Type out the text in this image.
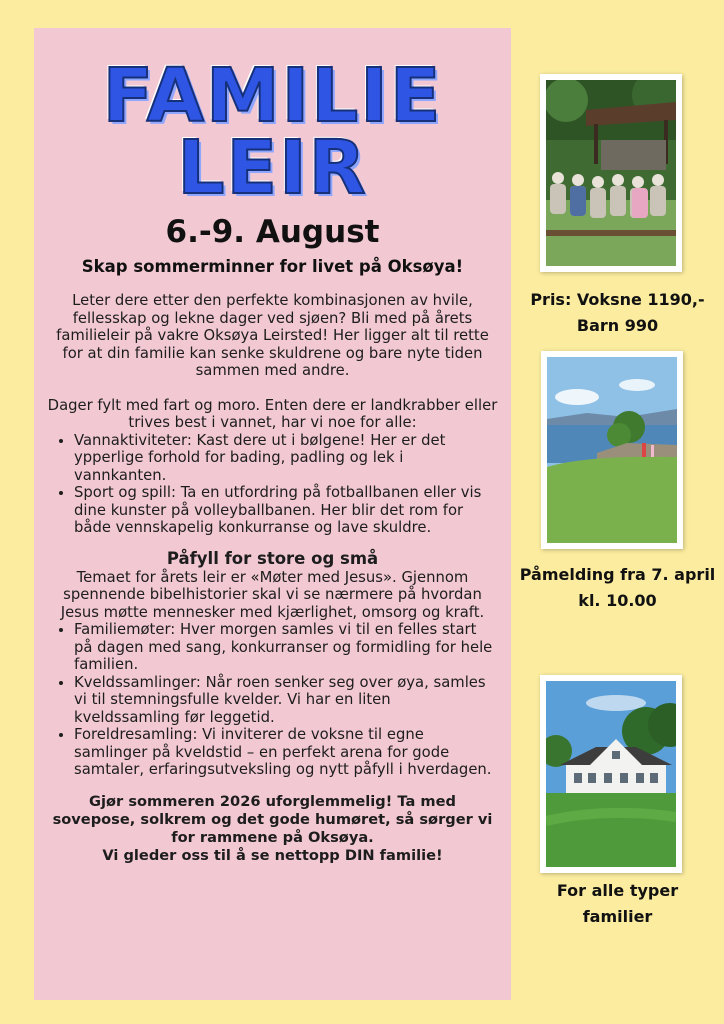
FAMILIE
LEIR
6.-9. August
Skap sommerminner for livet på Oksøya!

Leter dere etter den perfekte kombinasjonen av hvile, fellesskap og lekne dager ved sjøen? Bli med på årets familieleir på vakre Oksøya Leirsted! Her ligger alt til rette for at din familie kan senke skuldrene og bare nyte tiden sammen med andre.

Dager fylt med fart og moro. Enten dere er landkrabber eller trives best i vannet, har vi noe for alle:

• Vannaktiviteter: Kast dere ut i bølgene! Her er det ypperlige forhold for bading, padling og lek i vannkanten.
• Sport og spill: Ta en utfordring på fotballbanen eller vis dine kunster på volleyballbanen. Her blir det rom for både vennskapelig konkurranse og lave skuldre.
Påfyll for store og små

Temaet for årets leir er «Møter med Jesus». Gjennom spennende bibelhistorier skal vi se nærmere på hvordan Jesus møtte mennesker med kjærlighet, omsorg og kraft.

• Familiemøter: Hver morgen samles vi til en felles start på dagen med sang, konkurranser og formidling for hele familien.
• Kveldssamlinger: Når roen senker seg over øya, samles vi til stemningsfulle kvelder. Vi har en liten kveldssamling før leggetid.
• Foreldresamling: Vi inviterer de voksne til egne samlinger på kveldstid – en perfekt arena for gode samtaler, erfaringsutveksling og nytt påfyll i hverdagen.
Gjør sommeren 2026 uforglemmelig! Ta med sovepose, solkrem og det gode humøret, så sørger vi for rammene på Oksøya.
Vi gleder oss til å se nettopp DIN familie!
Pris: Voksne 1190,-
Barn 990
Påmelding fra 7. april
kl. 10.00
For alle typer
familier
